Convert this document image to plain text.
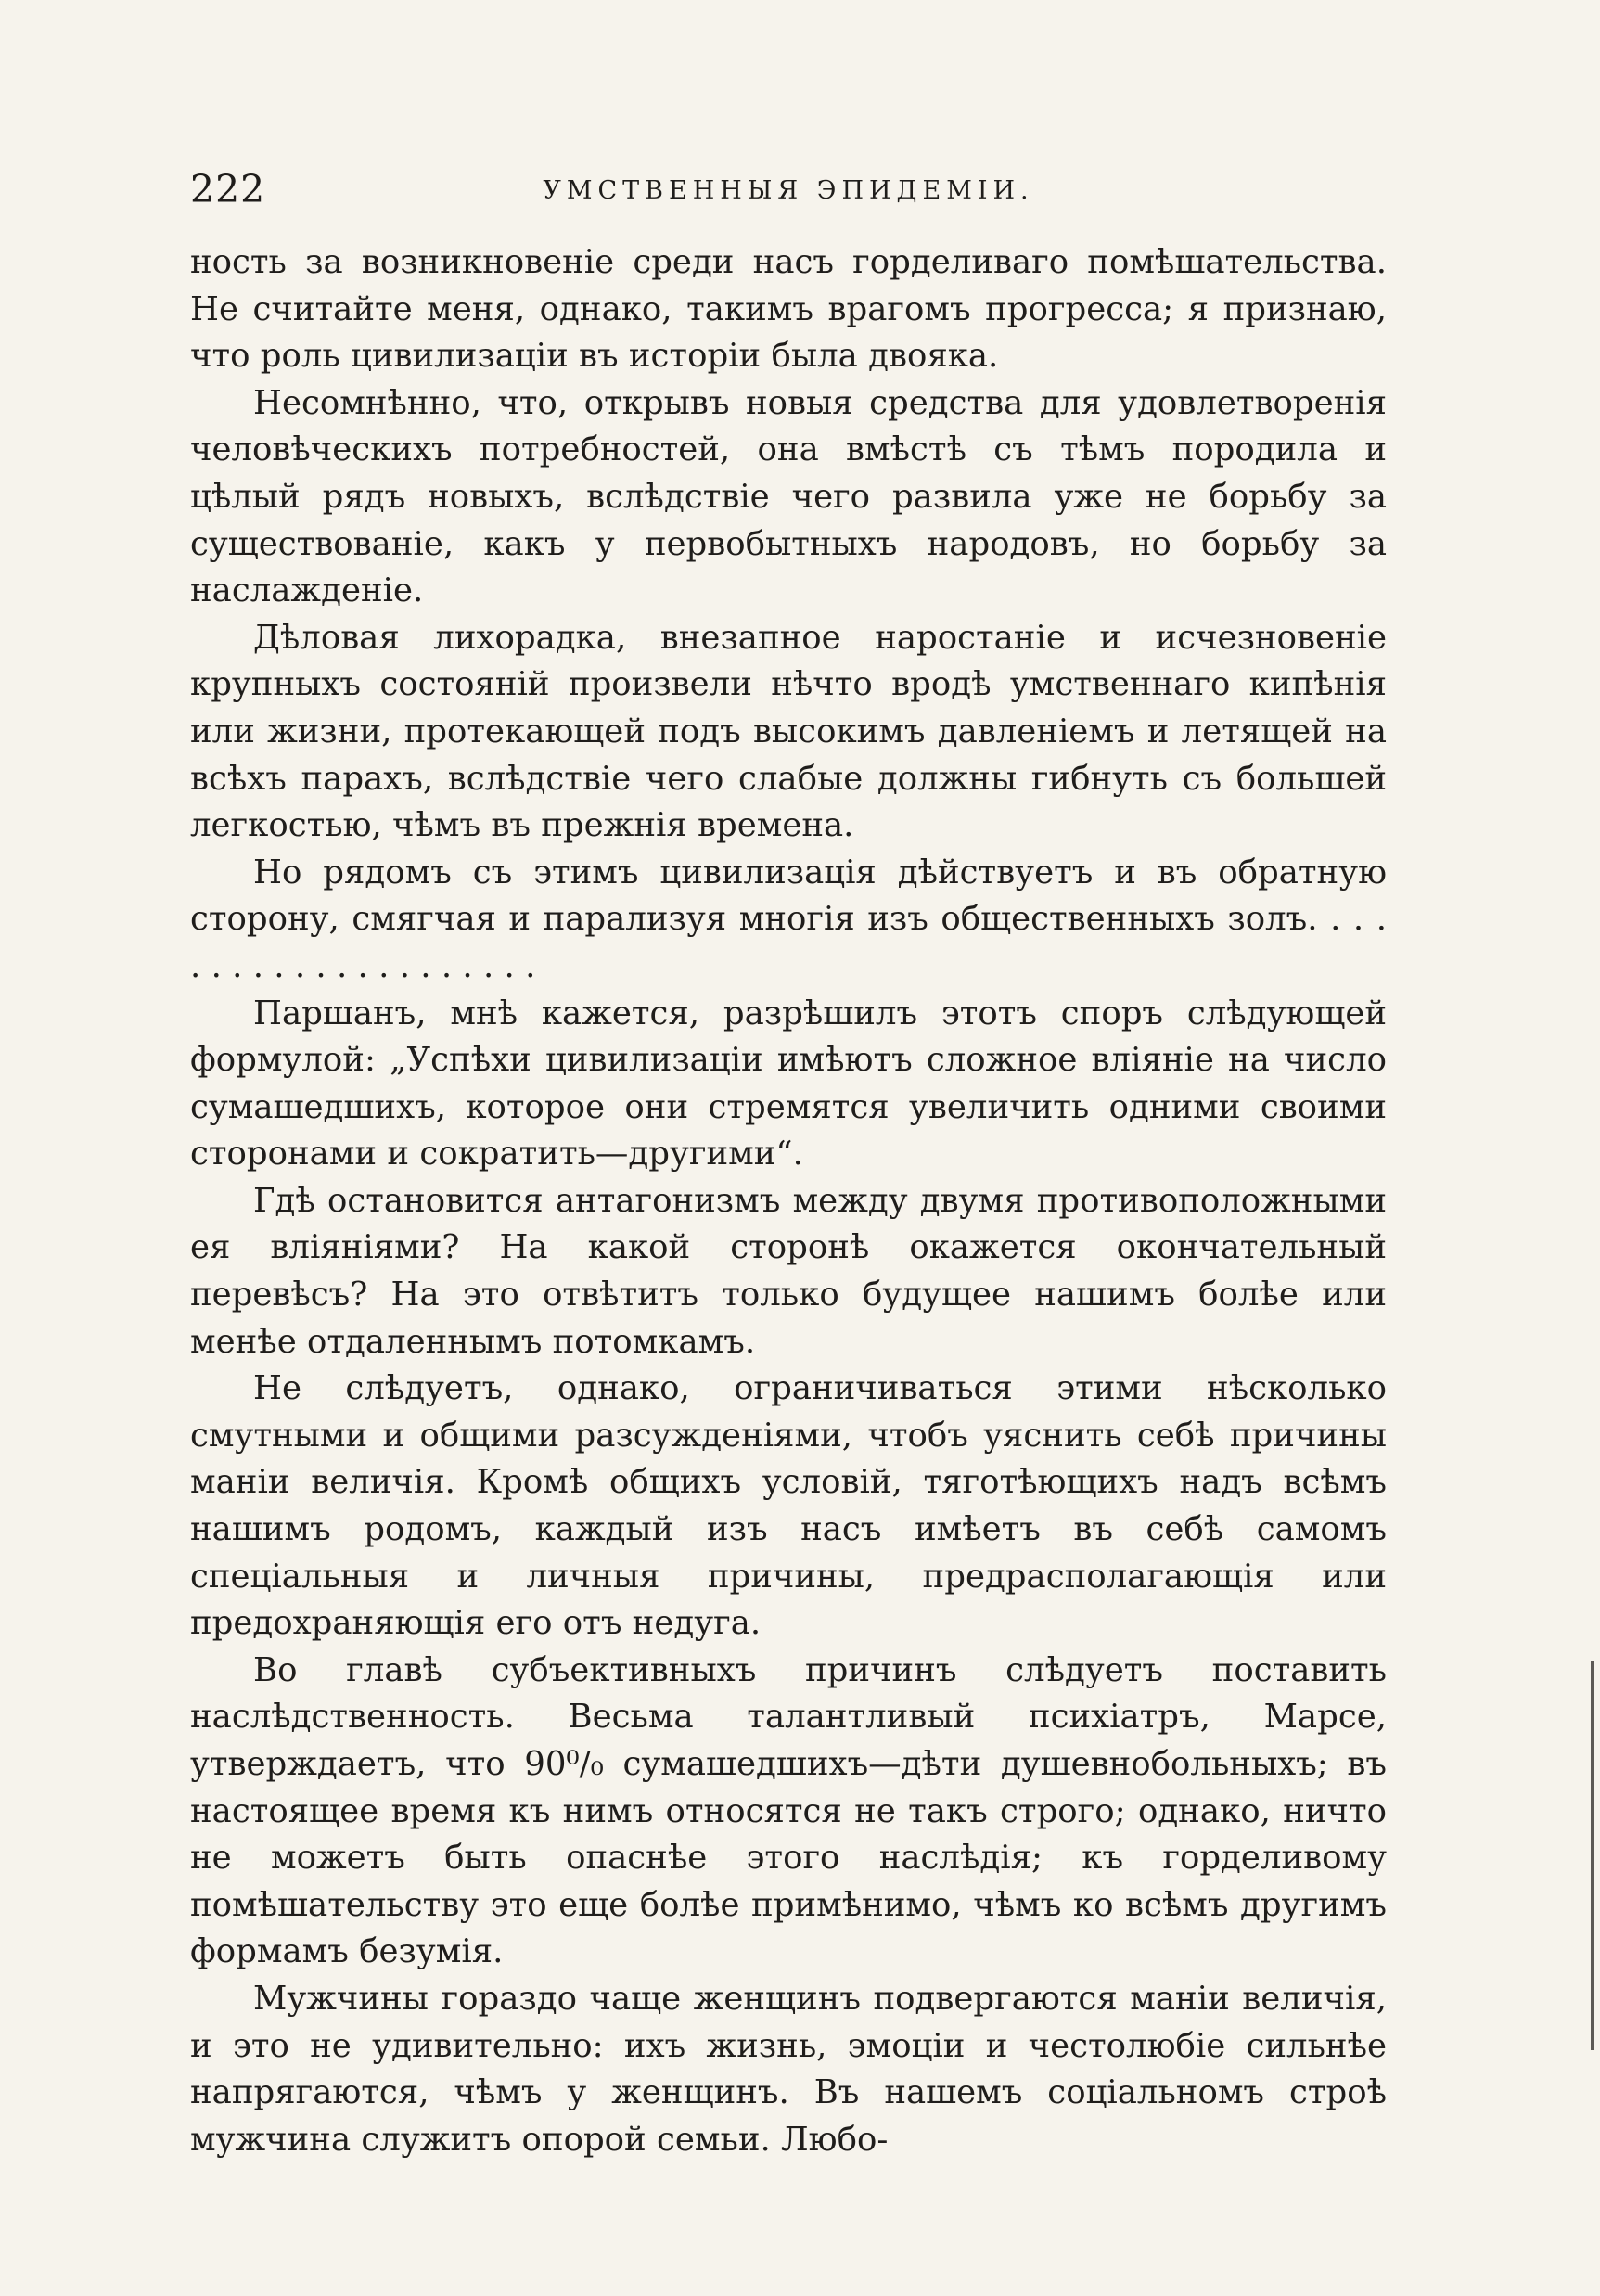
222	УМСТВЕННЫЯ ЭПИДЕМІИ.

ность за возникновеніе среди насъ горделиваго помѣшательства. Не считайте меня, однако, такимъ врагомъ прогресса; я признаю, что роль цивилизаціи въ исторіи была двояка.

Несомнѣнно, что, открывъ новыя средства для удовлетворенія человѣческихъ потребностей, она вмѣстѣ съ тѣмъ породила и цѣлый рядъ новыхъ, вслѣдствіе чего развила уже не борьбу за существованіе, какъ у первобытныхъ народовъ, но борьбу за наслажденіе.

Дѣловая лихорадка, внезапное наростаніе и исчезновеніе крупныхъ состояній произвели нѣчто вродѣ умственнаго кипѣнія или жизни, протекающей подъ высокимъ давленіемъ и летящей на всѣхъ парахъ, вслѣдствіе чего слабые должны гибнуть съ большей легкостью, чѣмъ въ прежнія времена.

Но рядомъ съ этимъ цивилизація дѣйствуетъ и въ обратную сторону, смягчая и парализуя многія изъ общественныхъ золъ. . . . . . . . . . . . . . . . . . . . .

Паршанъ, мнѣ кажется, разрѣшилъ этотъ споръ слѣдующей формулой: „Успѣхи цивилизаціи имѣютъ сложное вліяніе на число сумашедшихъ, которое они стремятся увеличить одними своими сторонами и сократить—другими“.

Гдѣ остановится антагонизмъ между двумя противоположными ея вліяніями? На какой сторонѣ окажется окончательный перевѣсъ? На это отвѣтитъ только будущее нашимъ болѣе или менѣе отдаленнымъ потомкамъ.

Не слѣдуетъ, однако, ограничиваться этими нѣсколько смутными и общими разсужденіями, чтобъ уяснить себѣ причины маніи величія. Кромѣ общихъ условій, тяготѣющихъ надъ всѣмъ нашимъ родомъ, каждый изъ насъ имѣетъ въ себѣ самомъ спеціальныя и личныя причины, предрасполагающія или предохраняющія его отъ недуга.

Во главѣ субъективныхъ причинъ слѣдуетъ поставить наслѣдственность. Весьма талантливый психіатръ, Марсе, утверждаетъ, что 90⁰/₀ сумашедшихъ—дѣти душевнобольныхъ; въ настоящее время къ нимъ относятся не такъ строго; однако, ничто не можетъ быть опаснѣе этого наслѣдія; къ горделивому помѣшательству это еще болѣе примѣнимо, чѣмъ ко всѣмъ другимъ формамъ безумія.

Мужчины гораздо чаще женщинъ подвергаются маніи величія, и это не удивительно: ихъ жизнь, эмоціи и честолюбіе сильнѣе напрягаются, чѣмъ у женщинъ. Въ нашемъ соціальномъ строѣ мужчина служитъ опорой семьи. Любо-
